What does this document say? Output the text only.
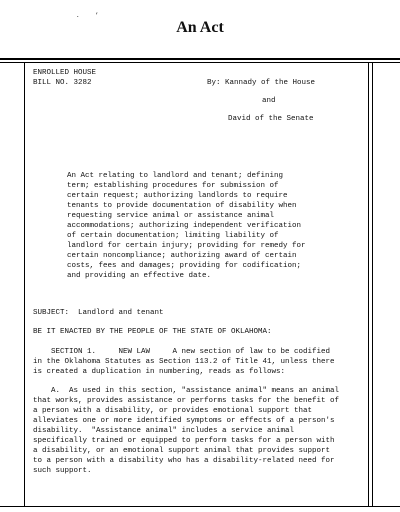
.	’
An Act
ENROLLED HOUSE
BILL NO. 3282	By: Kannady of the House
and
David of the Senate
An Act relating to landlord and tenant; defining
term; establishing procedures for submission of
certain request; authorizing landlords to require
tenants to provide documentation of disability when
requesting service animal or assistance animal
accommodations; authorizing independent verification
of certain documentation; limiting liability of
landlord for certain injury; providing for remedy for
certain noncompliance; authorizing award of certain
costs, fees and damages; providing for codification;
and providing an effective date.
SUBJECT:  Landlord and tenant
BE IT ENACTED BY THE PEOPLE OF THE STATE OF OKLAHOMA:
SECTION 1.     NEW LAW     A new section of law to be codified
in the Oklahoma Statutes as Section 113.2 of Title 41, unless there
is created a duplication in numbering, reads as follows:
A.  As used in this section, "assistance animal" means an animal
that works, provides assistance or performs tasks for the benefit of
a person with a disability, or provides emotional support that
alleviates one or more identified symptoms or effects of a person's
disability.  "Assistance animal" includes a service animal
specifically trained or equipped to perform tasks for a person with
a disability, or an emotional support animal that provides support
to a person with a disability who has a disability-related need for
such support.
